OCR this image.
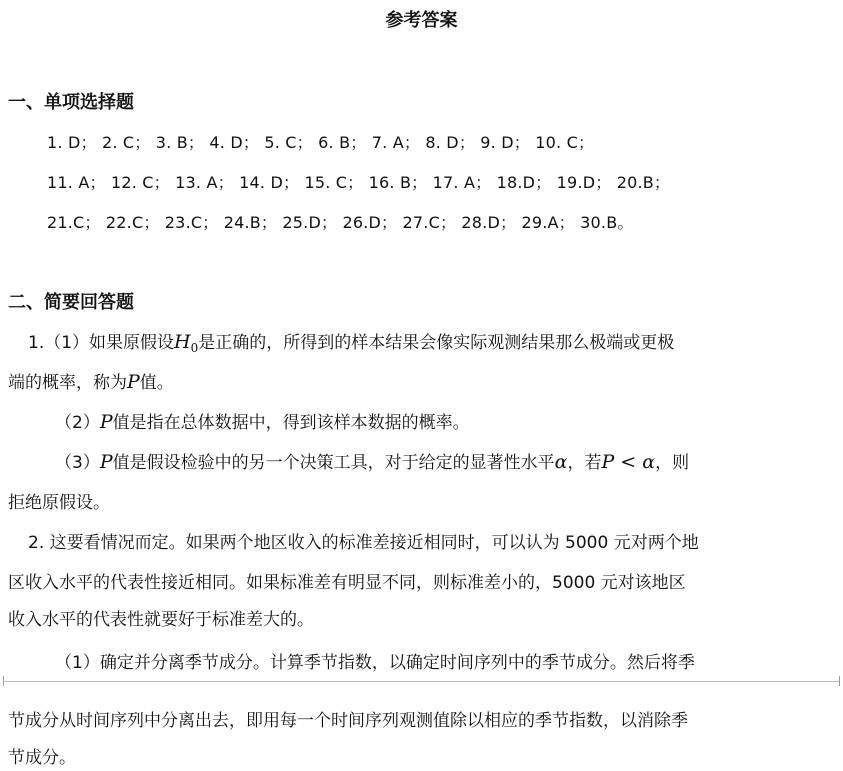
参考答案
一、单项选择题
1. D； 2. C； 3. B； 4. D； 5. C； 6. B； 7. A； 8. D； 9. D； 10. C；
11. A； 12. C； 13. A； 14. D； 15. C； 16. B； 17. A； 18.D； 19.D； 20.B；
21.C； 22.C； 23.C； 24.B； 25.D； 26.D； 27.C； 28.D； 29.A； 30.B。
二、简要回答题
1.（1）如果原假设$H_0$是正确的，所得到的样本结果会像实际观测结果那么极端或更极
端的概率，称为P值。
（2）P值是指在总体数据中，得到该样本数据的概率。
（3）P值是假设检验中的另一个决策工具，对于给定的显著性水平α，若P < α，则
拒绝原假设。
2. 这要看情况而定。如果两个地区收入的标准差接近相同时，可以认为 5000 元对两个地
区收入水平的代表性接近相同。如果标准差有明显不同，则标准差小的，5000 元对该地区
收入水平的代表性就要好于标准差大的。
（1）确定并分离季节成分。计算季节指数，以确定时间序列中的季节成分。然后将季
节成分从时间序列中分离出去，即用每一个时间序列观测值除以相应的季节指数，以消除季
节成分。
